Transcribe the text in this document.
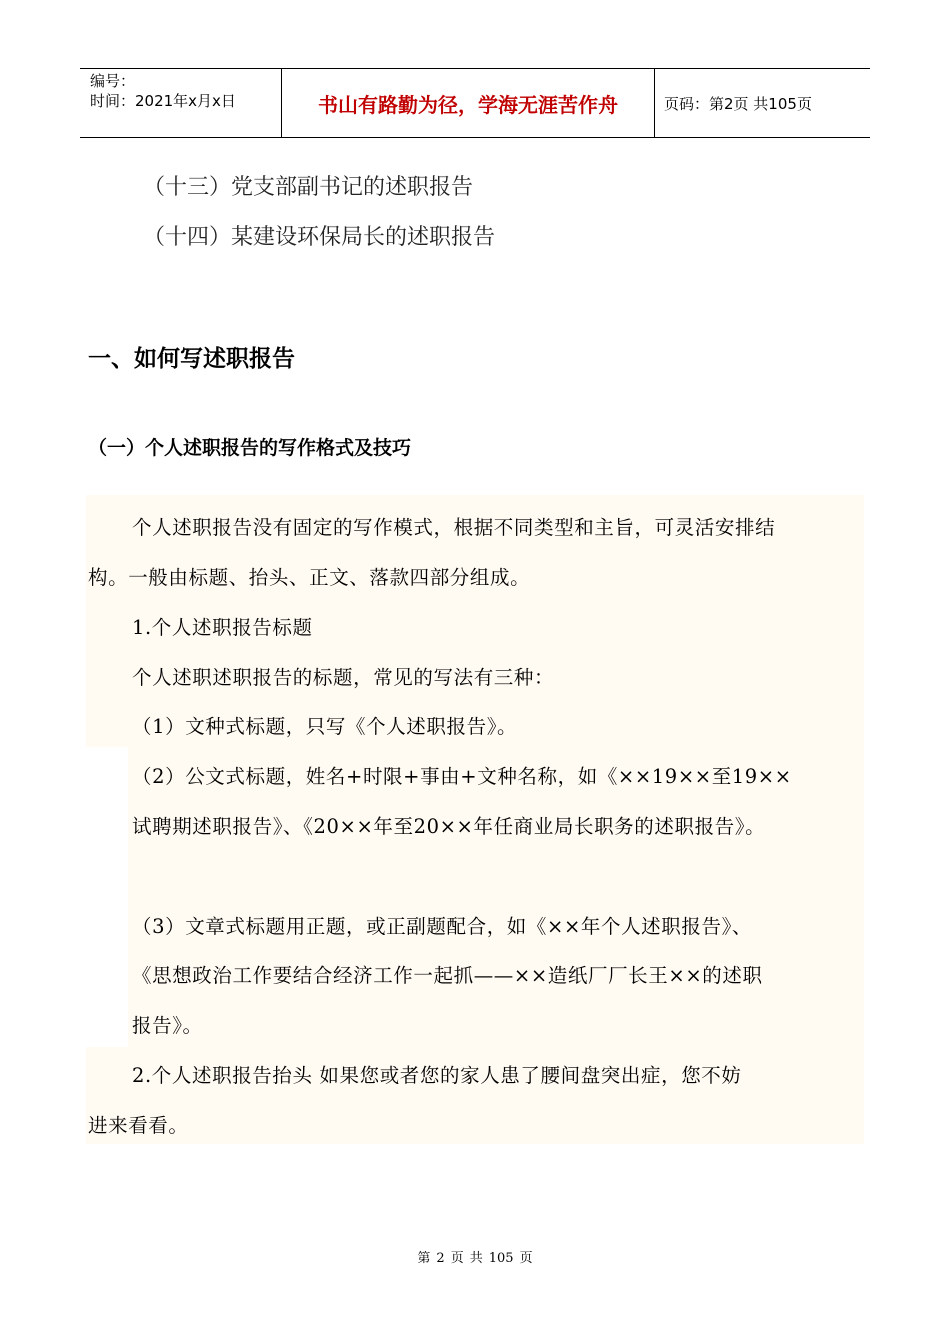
编号：
时间：2021年x月x日	书山有路勤为径，学海无涯苦作舟	页码：第2页 共105页
（十三）党支部副书记的述职报告
（十四）某建设环保局长的述职报告
一、如何写述职报告
（一）个人述职报告的写作格式及技巧
个人述职报告没有固定的写作模式，根据不同类型和主旨，可灵活安排结
构。一般由标题、抬头、正文、落款四部分组成。
1.个人述职报告标题
个人述职述职报告的标题，常见的写法有三种：
（1）文种式标题，只写《个人述职报告》。
（2）公文式标题，姓名+时限+事由+文种名称，如《××19××至19××
试聘期述职报告》、《20××年至20××年任商业局长职务的述职报告》。
（3）文章式标题用正题，或正副题配合，如《××年个人述职报告》、
《思想政治工作要结合经济工作一起抓——××造纸厂厂长王××的述职
报告》。
2.个人述职报告抬头 如果您或者您的家人患了腰间盘突出症，您不妨
进来看看。
第 2 页 共 105 页
